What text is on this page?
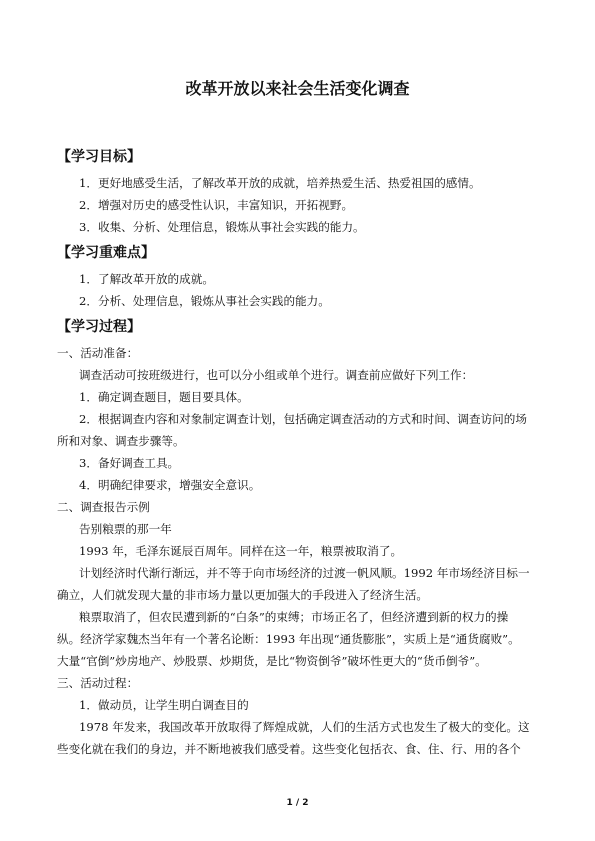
改革开放以来社会生活变化调查
【学习目标】
1．更好地感受生活，了解改革开放的成就，培养热爱生活、热爱祖国的感情。
2．增强对历史的感受性认识，丰富知识，开拓视野。
3．收集、分析、处理信息，锻炼从事社会实践的能力。
【学习重难点】
1．了解改革开放的成就。
2．分析、处理信息，锻炼从事社会实践的能力。
【学习过程】
一、活动准备：
调查活动可按班级进行，也可以分小组或单个进行。调查前应做好下列工作：
1．确定调查题目，题目要具体。
2．根据调查内容和对象制定调查计划，包括确定调查活动的方式和时间、调查访问的场
所和对象、调查步骤等。
3．备好调查工具。
4．明确纪律要求，增强安全意识。
二、调查报告示例
告别粮票的那一年
1993 年，毛泽东诞辰百周年。同样在这一年，粮票被取消了。
计划经济时代渐行渐远，并不等于向市场经济的过渡一帆风顺。1992 年市场经济目标一
确立，人们就发现大量的非市场力量以更加强大的手段进入了经济生活。
粮票取消了，但农民遭到新的“白条”的束缚；市场正名了，但经济遭到新的权力的操
纵。经济学家魏杰当年有一个著名论断：1993 年出现“通货膨胀”，实质上是“通货腐败”。
大量“官倒”炒房地产、炒股票、炒期货，是比“物资倒爷”破坏性更大的“货币倒爷”。
三、活动过程：
1．做动员，让学生明白调查目的
1978 年发来，我国改革开放取得了辉煌成就，人们的生活方式也发生了极大的变化。这
些变化就在我们的身边，并不断地被我们感受着。这些变化包括衣、食、住、行、用的各个
1 / 2
